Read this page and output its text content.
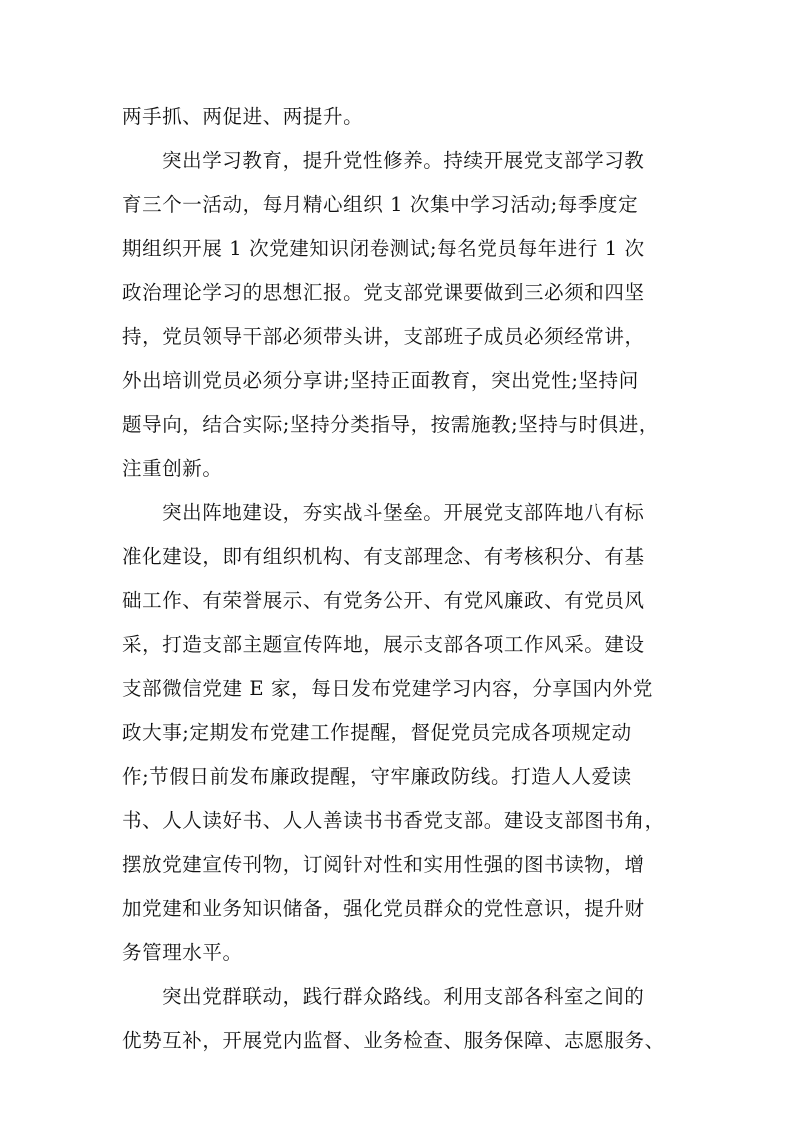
两手抓、两促进、两提升。
突出学习教育，提升党性修养。持续开展党支部学习教
育三个一活动，每月精心组织 1 次集中学习活动;每季度定
期组织开展 1 次党建知识闭卷测试;每名党员每年进行 1 次
政治理论学习的思想汇报。党支部党课要做到三必须和四坚
持，党员领导干部必须带头讲，支部班子成员必须经常讲，
外出培训党员必须分享讲;坚持正面教育，突出党性;坚持问
题导向，结合实际;坚持分类指导，按需施教;坚持与时俱进，
注重创新。
突出阵地建设，夯实战斗堡垒。开展党支部阵地八有标
准化建设，即有组织机构、有支部理念、有考核积分、有基
础工作、有荣誉展示、有党务公开、有党风廉政、有党员风
采，打造支部主题宣传阵地，展示支部各项工作风采。建设
支部微信党建 E 家，每日发布党建学习内容，分享国内外党
政大事;定期发布党建工作提醒，督促党员完成各项规定动
作;节假日前发布廉政提醒，守牢廉政防线。打造人人爱读
书、人人读好书、人人善读书书香党支部。建设支部图书角，
摆放党建宣传刊物，订阅针对性和实用性强的图书读物，增
加党建和业务知识储备，强化党员群众的党性意识，提升财
务管理水平。
突出党群联动，践行群众路线。利用支部各科室之间的
优势互补，开展党内监督、业务检查、服务保障、志愿服务、
